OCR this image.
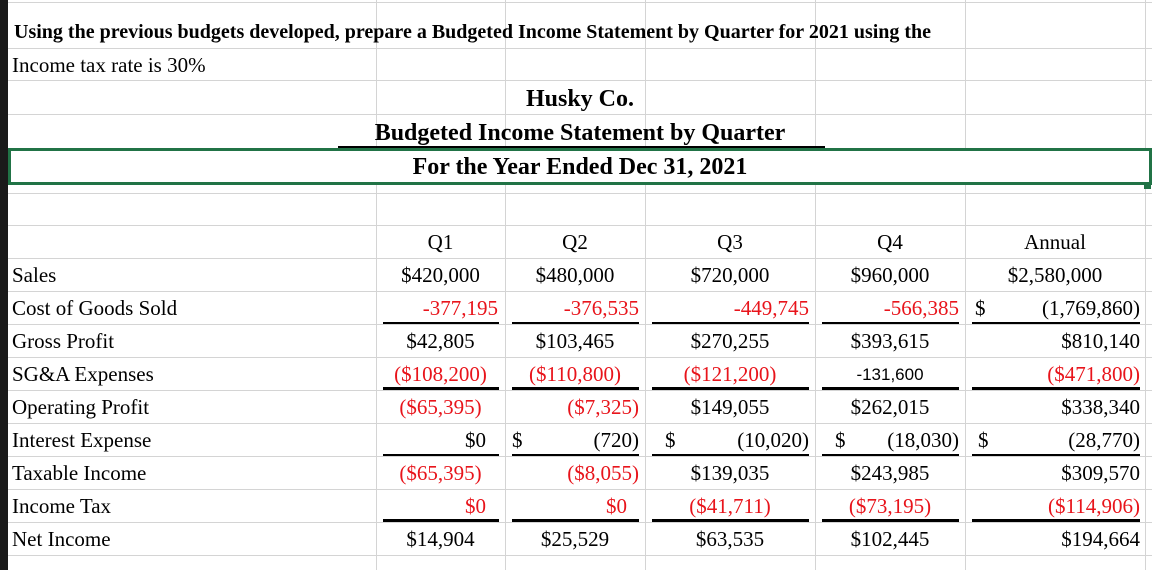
Using the previous budgets developed, prepare a Budgeted Income Statement by Quarter for 2021 using the
Income tax rate is 30%
Husky Co.
Budgeted Income Statement by Quarter
For the Year Ended Dec 31, 2021
Q1	Q2	Q3	Q4	Annual
Sales	$420,000	$480,000	$720,000	$960,000	$2,580,000
Cost of Goods Sold	-377,195	-376,535	-449,745	-566,385 $	(1,769,860)
Gross Profit	$42,805	$103,465	$270,255	$393,615	$810,140
SG&A Expenses	($108,200)	($110,800)	($121,200)	-131,600	($471,800)
Operating Profit	($65,395)	($7,325)	$149,055	$262,015	$338,340
Interest Expense	$0 $	(720) $	(10,020) $	(18,030) $	(28,770)
Taxable Income	($65,395)	($8,055)	$139,035	$243,985	$309,570
Income Tax	$0	$0	($41,711)	($73,195)	($114,906)
Net Income	$14,904	$25,529	$63,535	$102,445	$194,664
